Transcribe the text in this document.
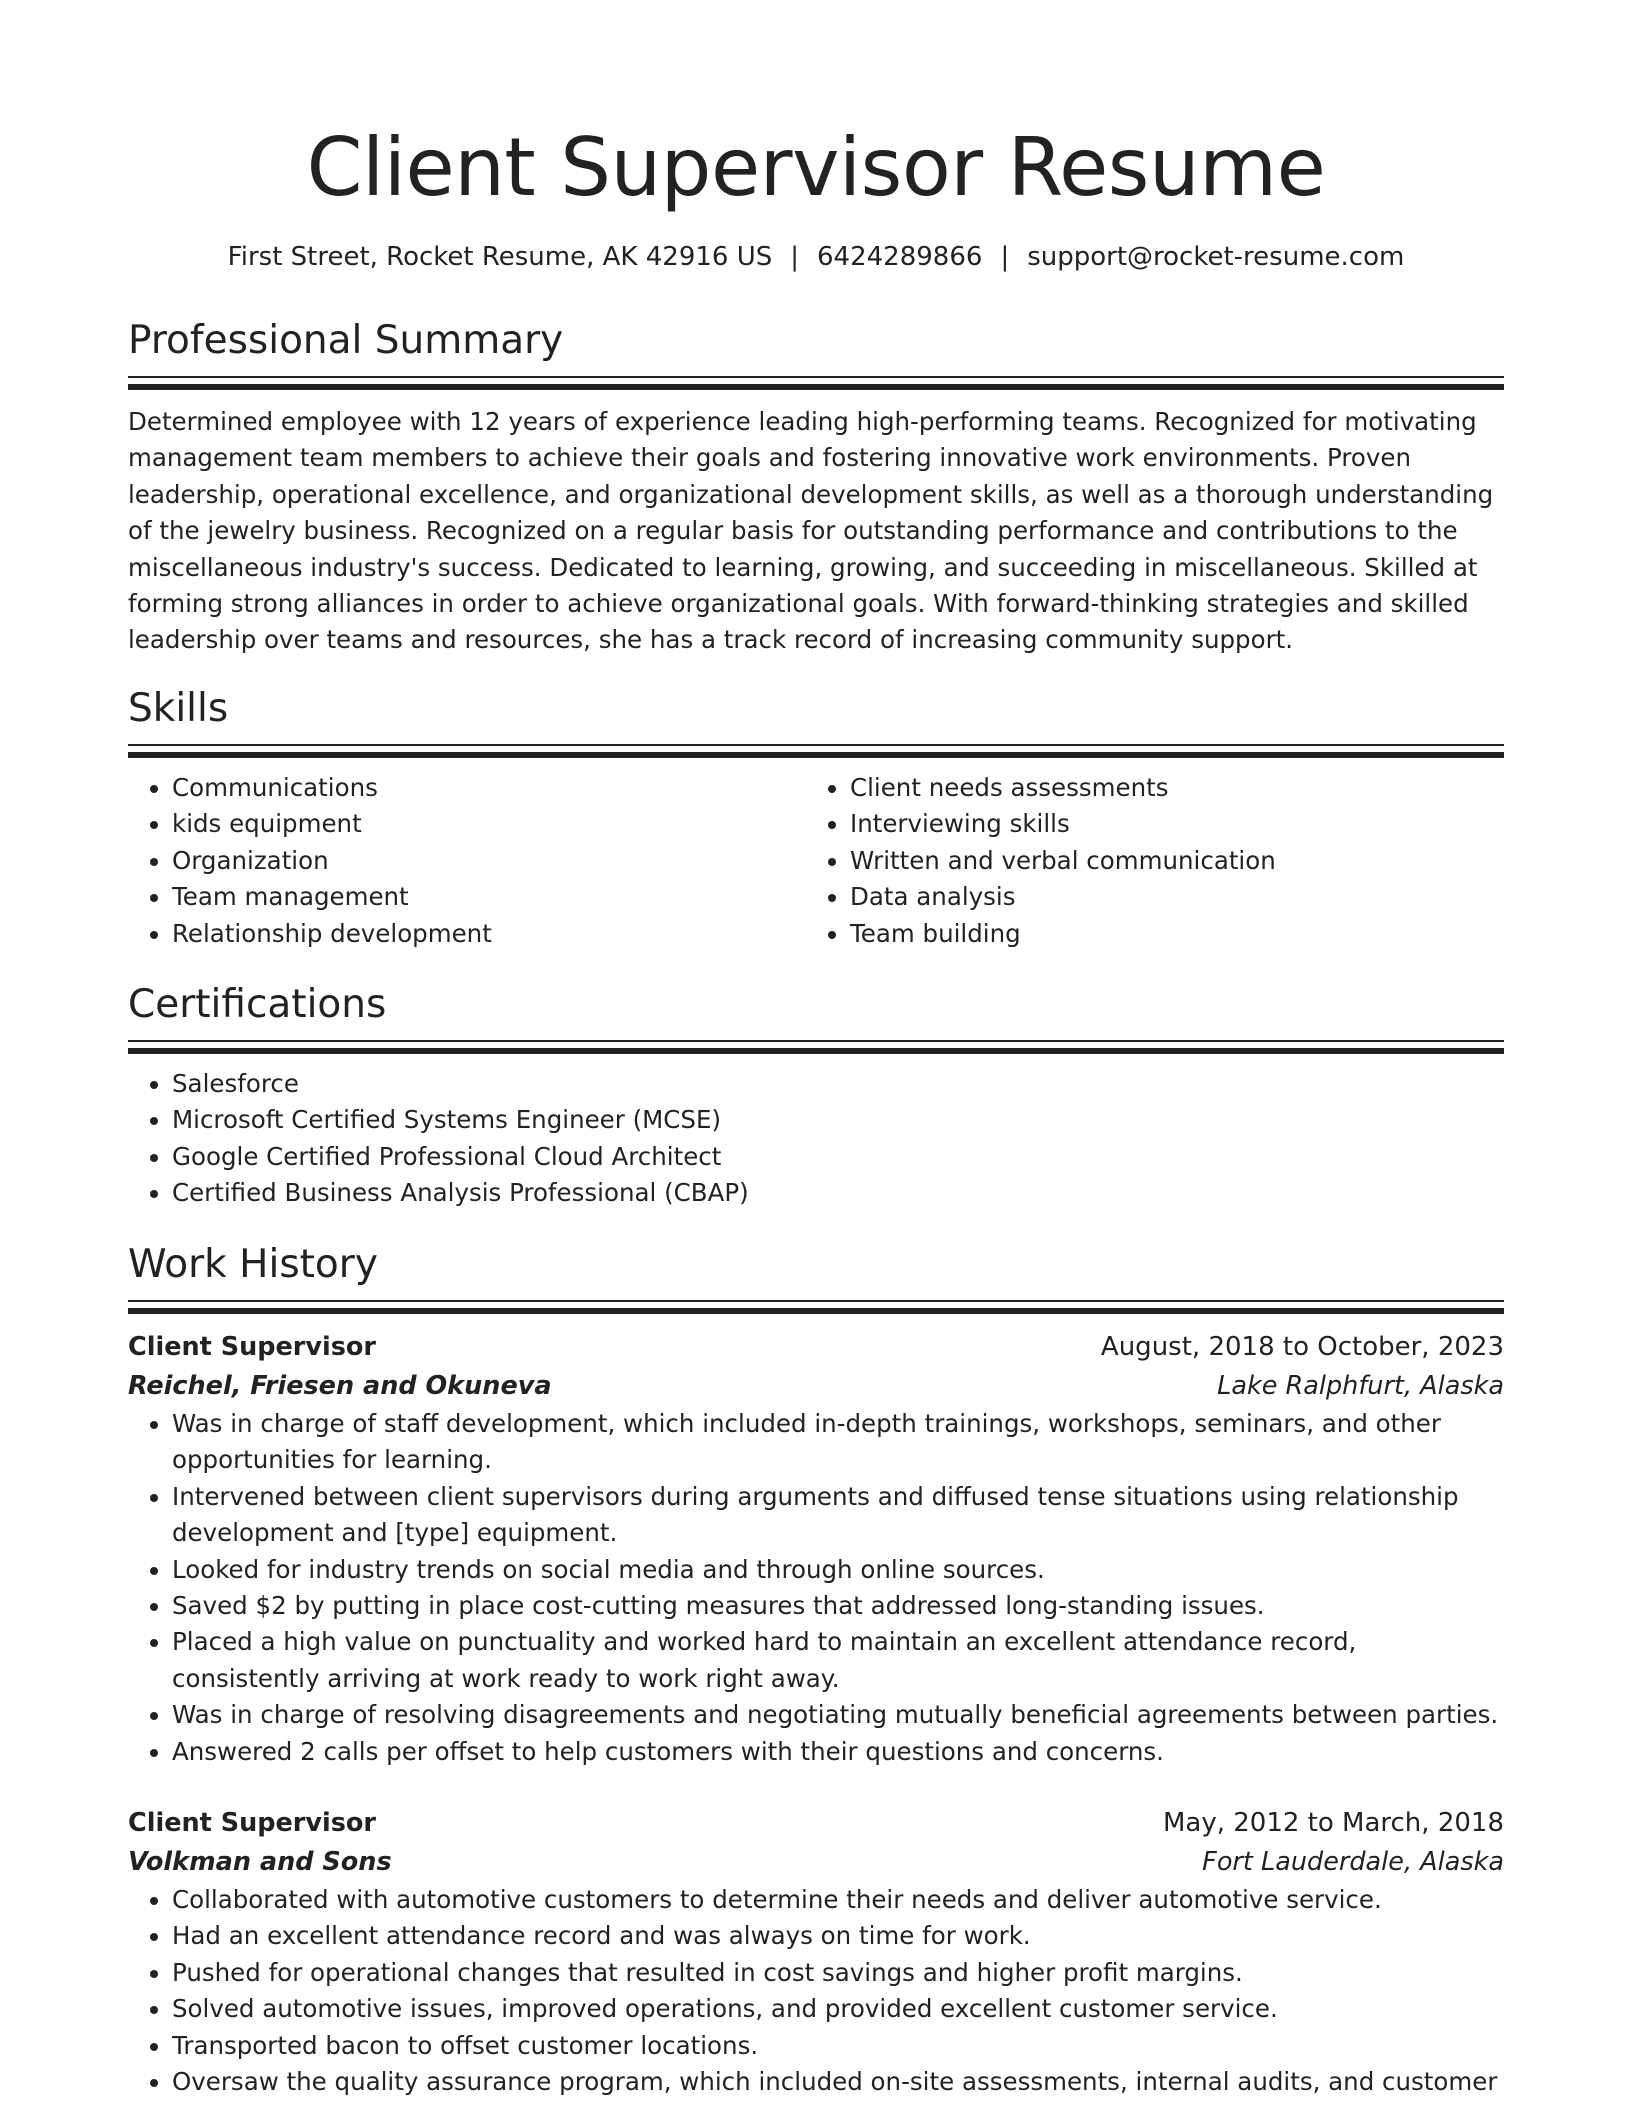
Client Supervisor Resume
First Street, Rocket Resume, AK 42916 US | 6424289866 | support@rocket-resume.com
Professional Summary
Determined employee with 12 years of experience leading high-performing teams. Recognized for motivating management team members to achieve their goals and fostering innovative work environments. Proven leadership, operational excellence, and organizational development skills, as well as a thorough understanding of the jewelry business. Recognized on a regular basis for outstanding performance and contributions to the miscellaneous industry's success. Dedicated to learning, growing, and succeeding in miscellaneous. Skilled at forming strong alliances in order to achieve organizational goals. With forward-thinking strategies and skilled leadership over teams and resources, she has a track record of increasing community support.
Skills
• Communications
• kids equipment
• Organization
• Team management
• Relationship development
• Client needs assessments
• Interviewing skills
• Written and verbal communication
• Data analysis
• Team building
Certifications
• Salesforce
• Microsoft Certified Systems Engineer (MCSE)
• Google Certified Professional Cloud Architect
• Certified Business Analysis Professional (CBAP)
Work History
Client Supervisor	August, 2018 to October, 2023
Reichel, Friesen and Okuneva	Lake Ralphfurt, Alaska
• Was in charge of staff development, which included in-depth trainings, workshops, seminars, and other opportunities for learning.
• Intervened between client supervisors during arguments and diffused tense situations using relationship development and [type] equipment.
• Looked for industry trends on social media and through online sources.
• Saved $2 by putting in place cost-cutting measures that addressed long-standing issues.
• Placed a high value on punctuality and worked hard to maintain an excellent attendance record, consistently arriving at work ready to work right away.
• Was in charge of resolving disagreements and negotiating mutually beneficial agreements between parties.
• Answered 2 calls per offset to help customers with their questions and concerns.
Client Supervisor	May, 2012 to March, 2018
Volkman and Sons	Fort Lauderdale, Alaska
• Collaborated with automotive customers to determine their needs and deliver automotive service.
• Had an excellent attendance record and was always on time for work.
• Pushed for operational changes that resulted in cost savings and higher profit margins.
• Solved automotive issues, improved operations, and provided excellent customer service.
• Transported bacon to offset customer locations.
• Oversaw the quality assurance program, which included on-site assessments, internal audits, and customer
